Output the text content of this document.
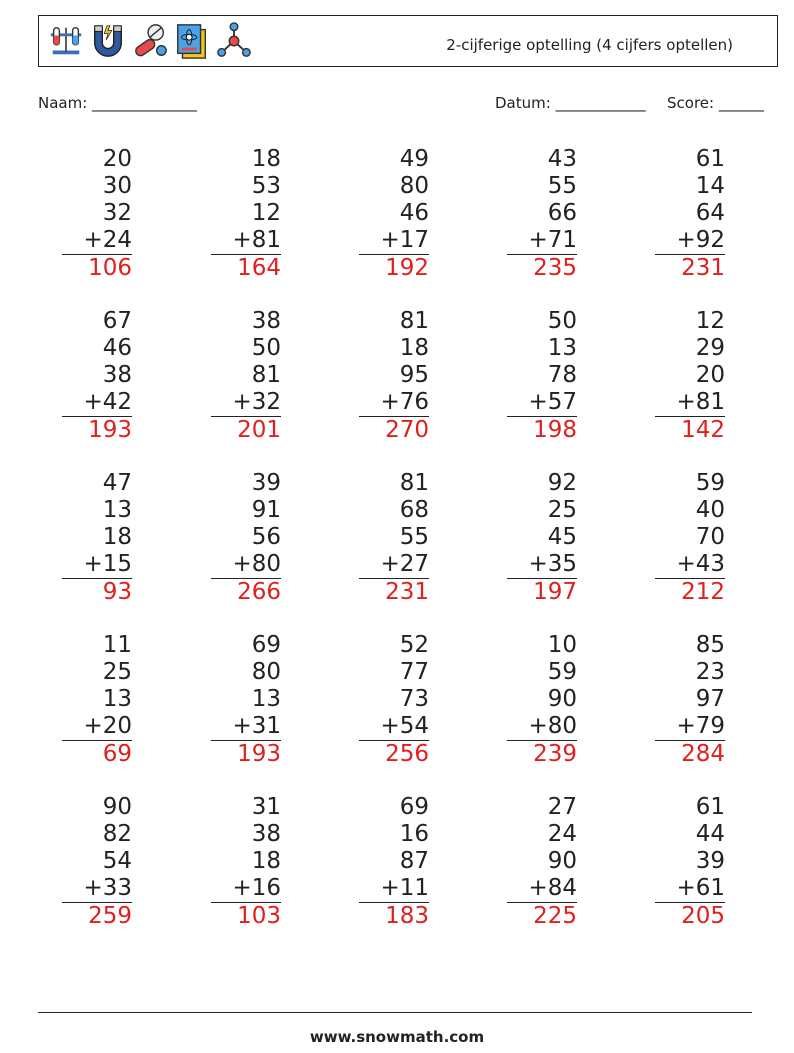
2-cijferige optelling (4 cijfers optellen)
Naam: ______________	Datum: ____________ Score: ______
20
30
32
+24
106
18
53
12
+81
164
49
80
46
+17
192
43
55
66
+71
235
61
14
64
+92
231
67
46
38
+42
193
38
50
81
+32
201
81
18
95
+76
270
50
13
78
+57
198
12
29
20
+81
142
47
13
18
+15
93
39
91
56
+80
266
81
68
55
+27
231
92
25
45
+35
197
59
40
70
+43
212
11
25
13
+20
69
69
80
13
+31
193
52
77
73
+54
256
10
59
90
+80
239
85
23
97
+79
284
90
82
54
+33
259
31
38
18
+16
103
69
16
87
+11
183
27
24
90
+84
225
61
44
39
+61
205
www.snowmath.com
